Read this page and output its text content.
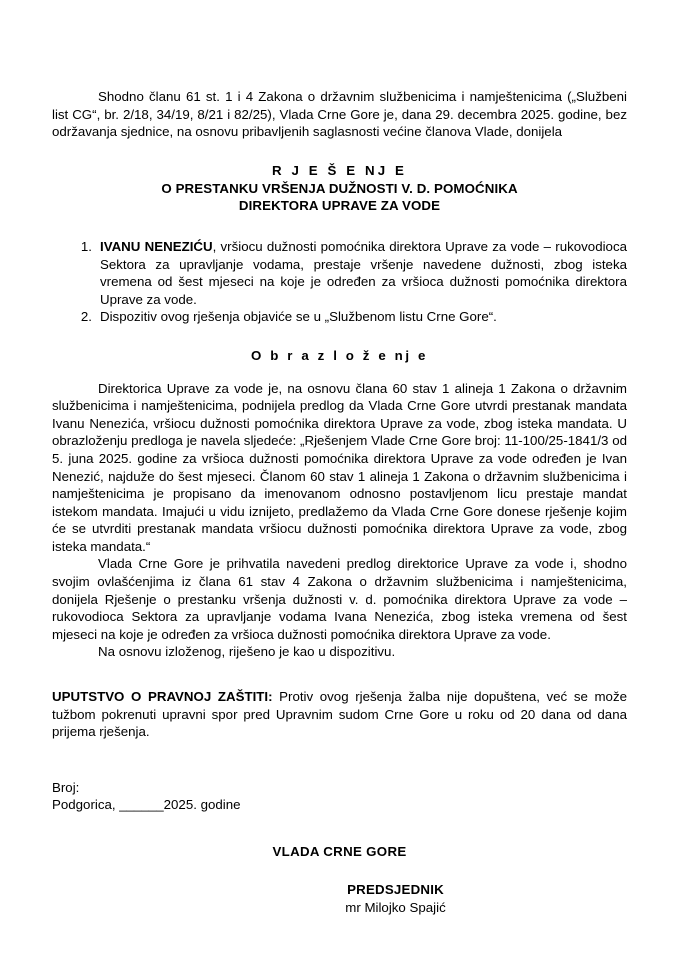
Shodno članu 61 st. 1 i 4 Zakona o državnim službenicima i namještenicima („Službeni list CG“, br. 2/18, 34/19, 8/21 i 82/25), Vlada Crne Gore je, dana 29. decembra 2025. godine, bez održavanja sjednice, na osnovu pribavljenih saglasnosti većine članova Vlade, donijela

R J E Š E NJ E
O PRESTANKU VRŠENJA DUŽNOSTI V. D. POMOĆNIKA
DIREKTORA UPRAVE ZA VODE
1. IVANU NENEZIĆU, vršiocu dužnosti pomoćnika direktora Uprave za vode – rukovodioca Sektora za upravljanje vodama, prestaje vršenje navedene dužnosti, zbog isteka vremena od šest mjeseci na koje je određen za vršioca dužnosti pomoćnika direktora Uprave za vode.
2. Dispozitiv ovog rješenja objaviće se u „Službenom listu Crne Gore“.
O b r a z l o ž e nj e

Direktorica Uprave za vode je, na osnovu člana 60 stav 1 alineja 1 Zakona o državnim službenicima i namještenicima, podnijela predlog da Vlada Crne Gore utvrdi prestanak mandata Ivanu Nenezića, vršiocu dužnosti pomoćnika direktora Uprave za vode, zbog isteka mandata. U obrazloženju predloga je navela sljedeće: „Rješenjem Vlade Crne Gore broj: 11-100/25-1841/3 od 5. juna 2025. godine za vršioca dužnosti pomoćnika direktora Uprave za vode određen je Ivan Nenezić, najduže do šest mjeseci. Članom 60 stav 1 alineja 1 Zakona o državnim službenicima i namještenicima je propisano da imenovanom odnosno postavljenom licu prestaje mandat istekom mandata. Imajući u vidu iznijeto, predlažemo da Vlada Crne Gore donese rješenje kojim će se utvrditi prestanak mandata vršiocu dužnosti pomoćnika direktora Uprave za vode, zbog isteka mandata.“

Vlada Crne Gore je prihvatila navedeni predlog direktorice Uprave za vode i, shodno svojim ovlašćenjima iz člana 61 stav 4 Zakona o državnim službenicima i namještenicima, donijela Rješenje o prestanku vršenja dužnosti v. d. pomoćnika direktora Uprave za vode – rukovodioca Sektora za upravljanje vodama Ivana Nenezića, zbog isteka vremena od šest mjeseci na koje je određen za vršioca dužnosti pomoćnika direktora Uprave za vode.

Na osnovu izloženog, riješeno je kao u dispozitivu.

UPUTSTVO O PRAVNOJ ZAŠTITI: Protiv ovog rješenja žalba nije dopuštena, već se može tužbom pokrenuti upravni spor pred Upravnim sudom Crne Gore u roku od 20 dana od dana prijema rješenja.

Broj:
Podgorica, ______2025. godine
VLADA CRNE GORE
PREDSJEDNIK
mr Milojko Spajić
